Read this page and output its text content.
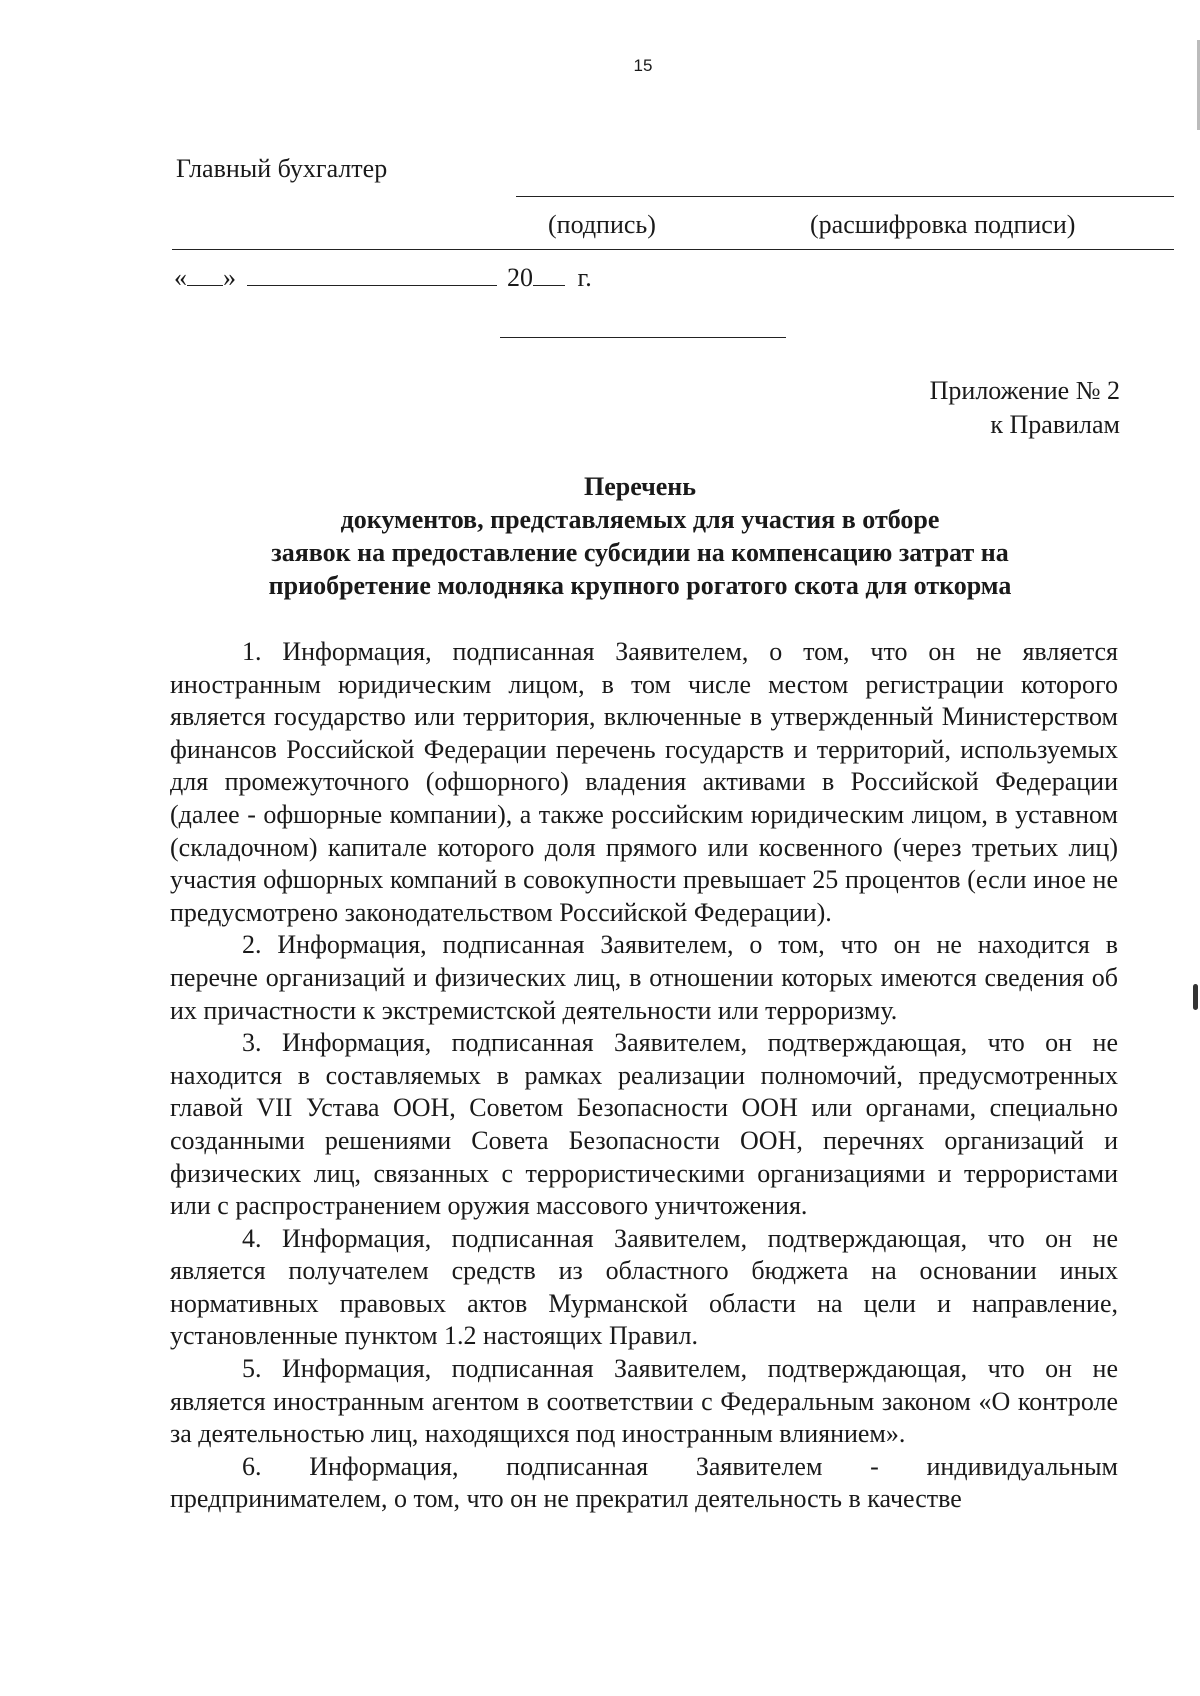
15
Главный бухгалтер
(подпись)	(расшифровка подписи)
« »	20 г.
Приложение № 2
к Правилам
Перечень
документов, представляемых для участия в отборе
заявок на предоставление субсидии на компенсацию затрат на
приобретение молодняка крупного рогатого скота для откорма

1. Информация, подписанная Заявителем, о том, что он не является иностранным юридическим лицом, в том числе местом регистрации которого является государство или территория, включенные в утвержденный Министерством финансов Российской Федерации перечень государств и территорий, используемых для промежуточного (офшорного) владения активами в Российской Федерации (далее - офшорные компании), а также российским юридическим лицом, в уставном (складочном) капитале которого доля прямого или косвенного (через третьих лиц) участия офшорных компаний в совокупности превышает 25 процентов (если иное не предусмотрено законодательством Российской Федерации).

2. Информация, подписанная Заявителем, о том, что он не находится в перечне организаций и физических лиц, в отношении которых имеются сведения об их причастности к экстремистской деятельности или терроризму.

3. Информация, подписанная Заявителем, подтверждающая, что он не находится в составляемых в рамках реализации полномочий, предусмотренных главой VII Устава ООН, Советом Безопасности ООН или органами, специально созданными решениями Совета Безопасности ООН, перечнях организаций и физических лиц, связанных с террористическими организациями и террористами или с распространением оружия массового уничтожения.

4. Информация, подписанная Заявителем, подтверждающая, что он не является получателем средств из областного бюджета на основании иных нормативных правовых актов Мурманской области на цели и направление, установленные пунктом 1.2 настоящих Правил.

5. Информация, подписанная Заявителем, подтверждающая, что он не является иностранным агентом в соответствии с Федеральным законом «О контроле за деятельностью лиц, находящихся под иностранным влиянием».

6. Информация, подписанная Заявителем - индивидуальным предпринимателем, о том, что он не прекратил деятельность в качестве
